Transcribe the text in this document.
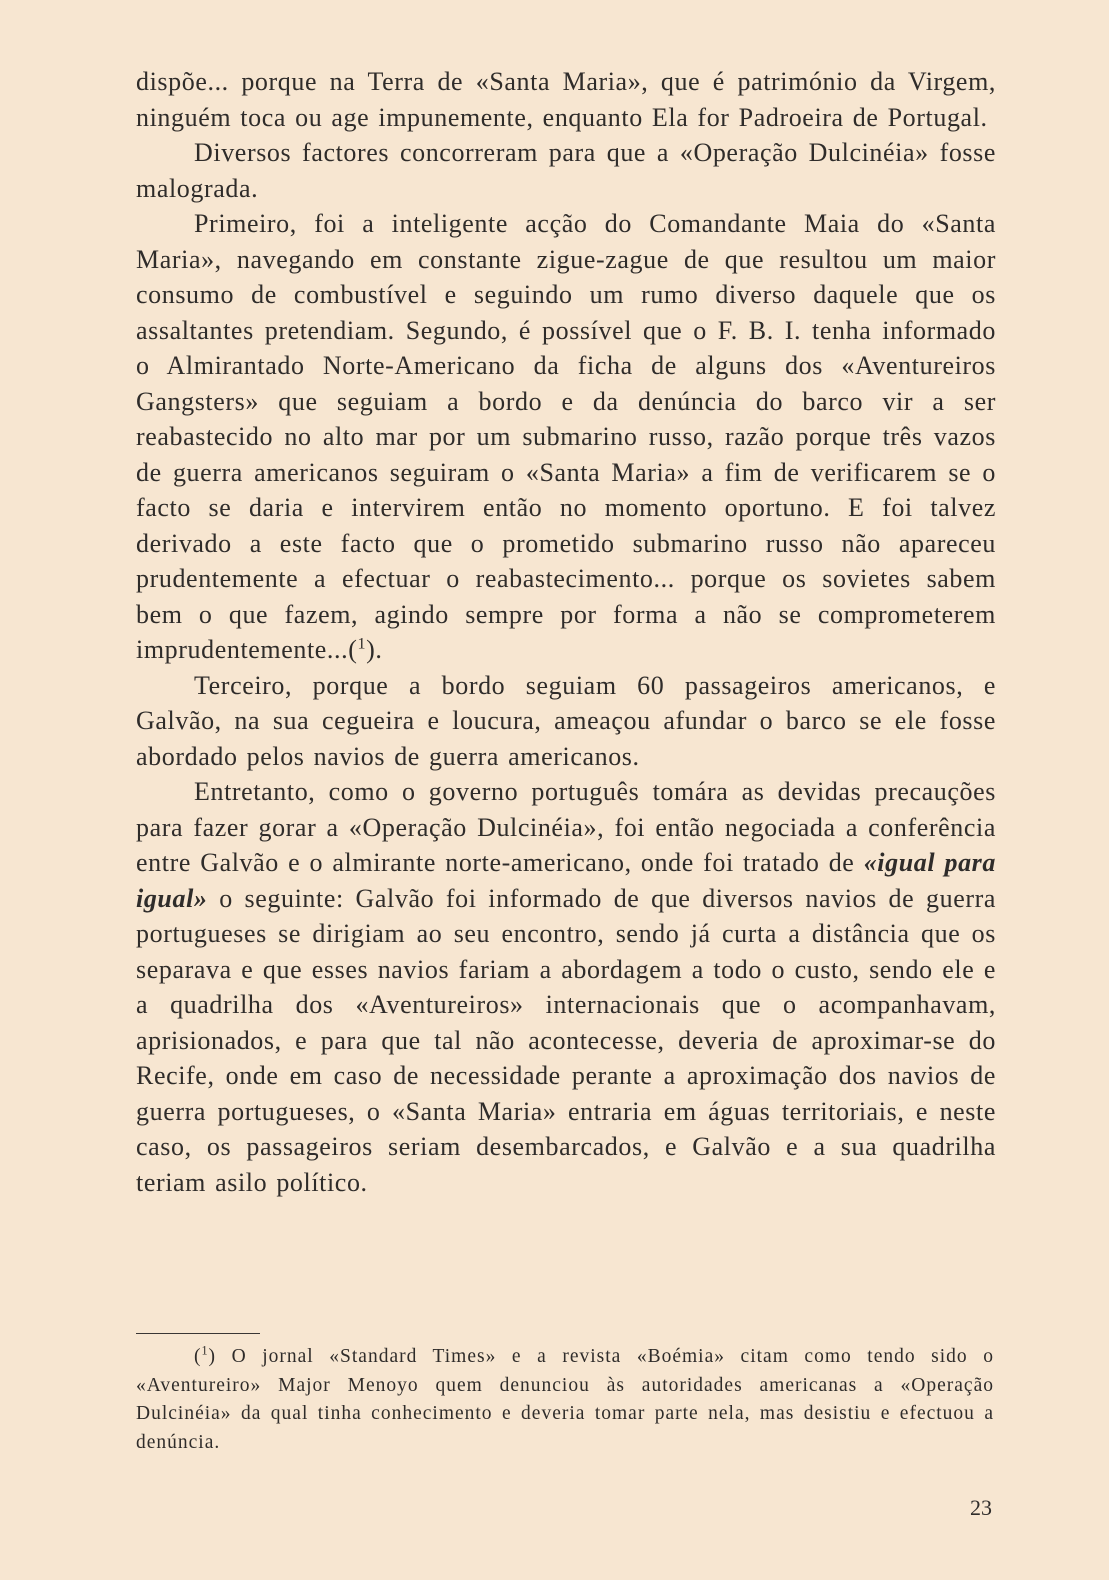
dispõe... porque na Terra de «Santa Maria», que é património da Virgem, ninguém toca ou age impunemente, enquanto Ela for Padroeira de Portugal.

Diversos factores concorreram para que a «Operação Dulcinéia» fosse malograda.

Primeiro, foi a inteligente acção do Comandante Maia do «Santa Maria», navegando em constante zigue-zague de que resultou um maior consumo de combustível e seguindo um rumo diverso daquele que os assaltantes pretendiam. Segundo, é possível que o F. B. I. tenha informado o Almirantado Norte-Americano da ficha de alguns dos «Aventureiros Gangsters» que seguiam a bordo e da denúncia do barco vir a ser reabastecido no alto mar por um submarino russo, razão porque três vazos de guerra americanos seguiram o «Santa Maria» a fim de verificarem se o facto se daria e intervirem então no momento oportuno. E foi talvez derivado a este facto que o prometido submarino russo não apareceu prudentemente a efectuar o reabastecimento... porque os sovietes sabem bem o que fazem, agindo sempre por forma a não se comprometerem imprudentemente...($^1$).

Terceiro, porque a bordo seguiam 60 passageiros americanos, e Galvão, na sua cegueira e loucura, ameaçou afundar o barco se ele fosse abordado pelos navios de guerra americanos.

Entretanto, como o governo português tomára as devidas precauções para fazer gorar a «Operação Dulcinéia», foi então negociada a conferência entre Galvão e o almirante norte-americano, onde foi tratado de «igual para igual» o seguinte: Galvão foi informado de que diversos navios de guerra portugueses se dirigiam ao seu encontro, sendo já curta a distância que os separava e que esses navios fariam a abordagem a todo o custo, sendo ele e a quadrilha dos «Aventureiros» internacionais que o acompanhavam, aprisionados, e para que tal não acontecesse, deveria de aproximar-se do Recife, onde em caso de necessidade perante a aproximação dos navios de guerra portugueses, o «Santa Maria» entraria em águas territoriais, e neste caso, os passageiros seriam desembarcados, e Galvão e a sua quadrilha teriam asilo político.

($^1$) O jornal «Standard Times» e a revista «Boémia» citam como tendo sido o «Aventureiro» Major Menoyo quem denunciou às autoridades americanas a «Operação Dulcinéia» da qual tinha conhecimento e deveria tomar parte nela, mas desistiu e efectuou a denúncia.

23
